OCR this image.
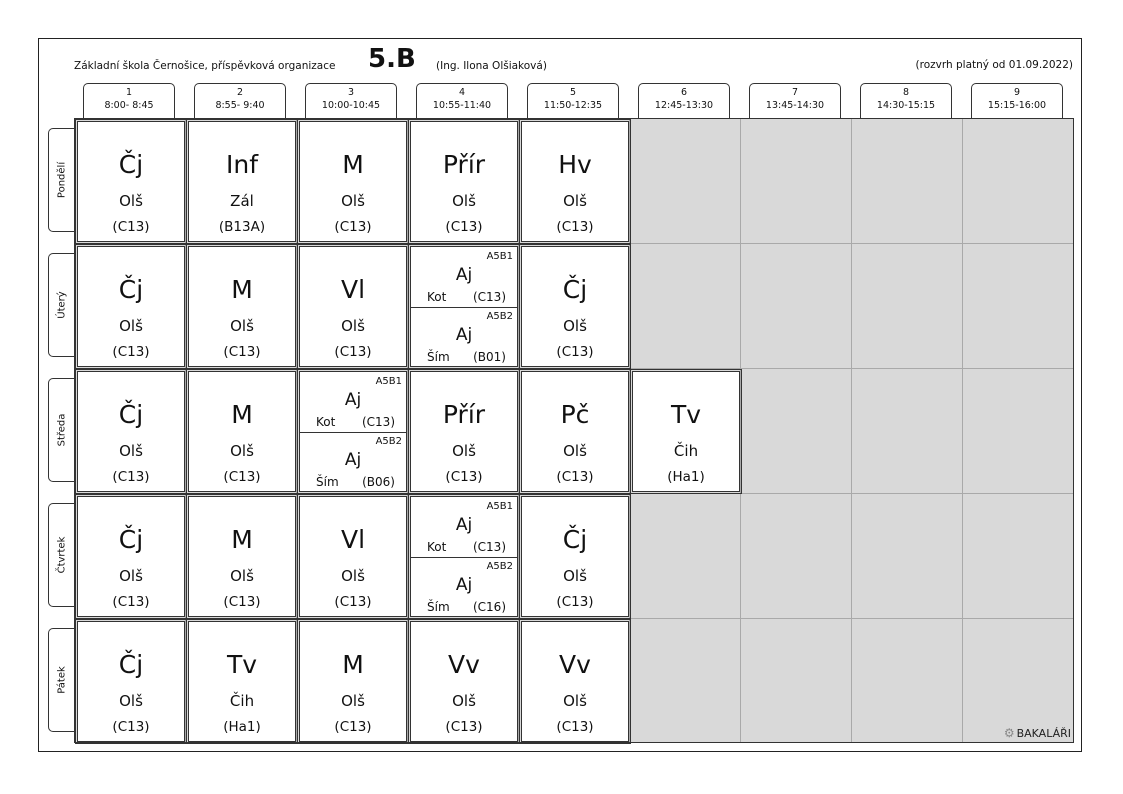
Základní škola Černošice, příspěvková organizace 5.B (Ing. Ilona Olšiaková)	(rozvrh platný od 01.09.2022)
1
8:00- 8:45
2
8:55- 9:40
3
10:00-10:45
4
10:55-11:40
5
11:50-12:35
6
12:45-13:30
7
13:45-14:30
8
14:30-15:15
9
15:15-16:00
Pondělí
Úterý
Středa
Čtvrtek
Pátek
Čj
Olš
(C13)
Inf
Zál
(B13A)
M
Olš
(C13)
Přír
Olš
(C13)
Hv
Olš
(C13)
Čj
Olš
(C13)
M
Olš
(C13)
Vl
Olš
(C13)
A5B1
Aj
Kot (C13)
A5B2
Aj
Ším (B01)
Čj
Olš
(C13)
Čj
Olš
(C13)
M
Olš
(C13)
A5B1
Aj
Kot (C13)
A5B2
Aj
Ším (B06)
Přír
Olš
(C13)
Pč
Olš
(C13)
Tv
Čih
(Ha1)
Čj
Olš
(C13)
M
Olš
(C13)
Vl
Olš
(C13)
A5B1
Aj
Kot (C13)
A5B2
Aj
Ším (C16)
Čj
Olš
(C13)
Čj
Olš
(C13)
Tv
Čih
(Ha1)
M
Olš
(C13)
Vv
Olš
(C13)
Vv
Olš
(C13)	⚙ BAKALÁŘI
